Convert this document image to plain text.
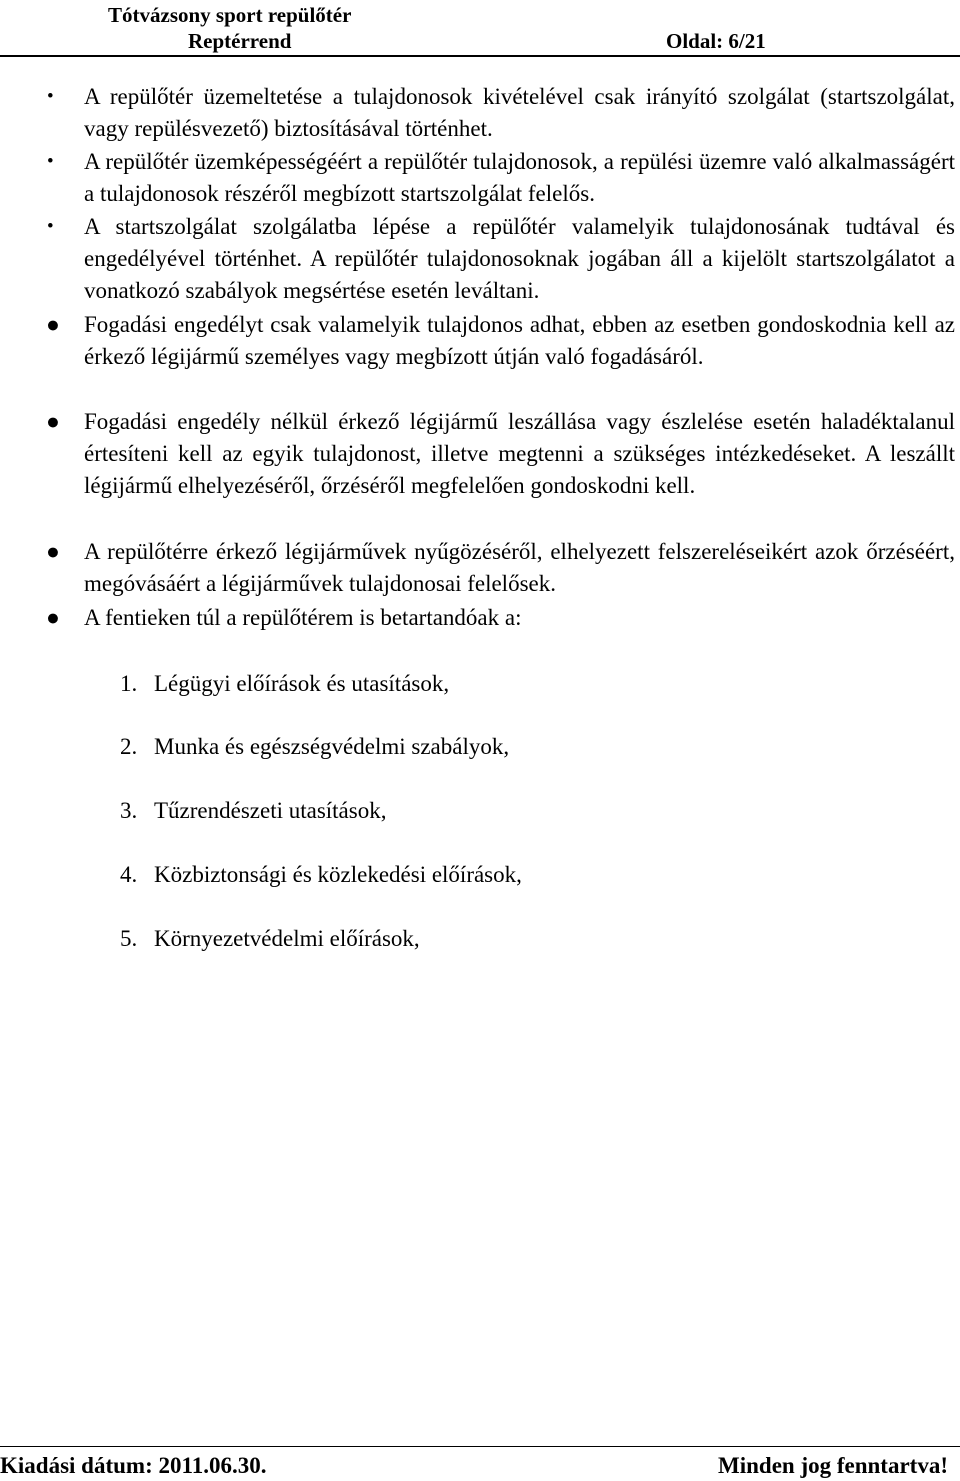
Tótvázsony sport repülőtér
Reptérrend	Oldal: 6/21
•	A repülőtér üzemeltetése a tulajdonosok kivételével csak irányító szolgálat (startszolgálat, vagy repülésvezető) biztosításával történhet.
•	A repülőtér üzemképességéért a repülőtér tulajdonosok, a repülési üzemre való alkalmasságért a tulajdonosok részéről megbízott startszolgálat felelős.
•	A startszolgálat szolgálatba lépése a repülőtér valamelyik tulajdonosának tudtával és engedélyével történhet. A repülőtér tulajdonosoknak jogában áll a kijelölt startszolgálatot a vonatkozó szabályok megsértése esetén leváltani.
● Fogadási engedélyt csak valamelyik tulajdonos adhat, ebben az esetben gondoskodnia kell az érkező légijármű személyes vagy megbízott útján való fogadásáról.
● Fogadási engedély nélkül érkező légijármű leszállása vagy észlelése esetén haladéktalanul értesíteni kell az egyik tulajdonost, illetve megtenni a szükséges intézkedéseket. A leszállt légijármű elhelyezéséről, őrzéséről megfelelően gondoskodni kell.
● A repülőtérre érkező légijárművek nyűgözéséről, elhelyezett felszereléseikért azok őrzéséért, megóvásáért a légijárművek tulajdonosai felelősek.
● A fentieken túl a repülőtérem is betartandóak a:
1. Légügyi előírások és utasítások,
2. Munka és egészségvédelmi szabályok,
3. Tűzrendészeti utasítások,
4. Közbiztonsági és közlekedési előírások,
5. Környezetvédelmi előírások,
Kiadási dátum: 2011.06.30.	Minden jog fenntartva!
